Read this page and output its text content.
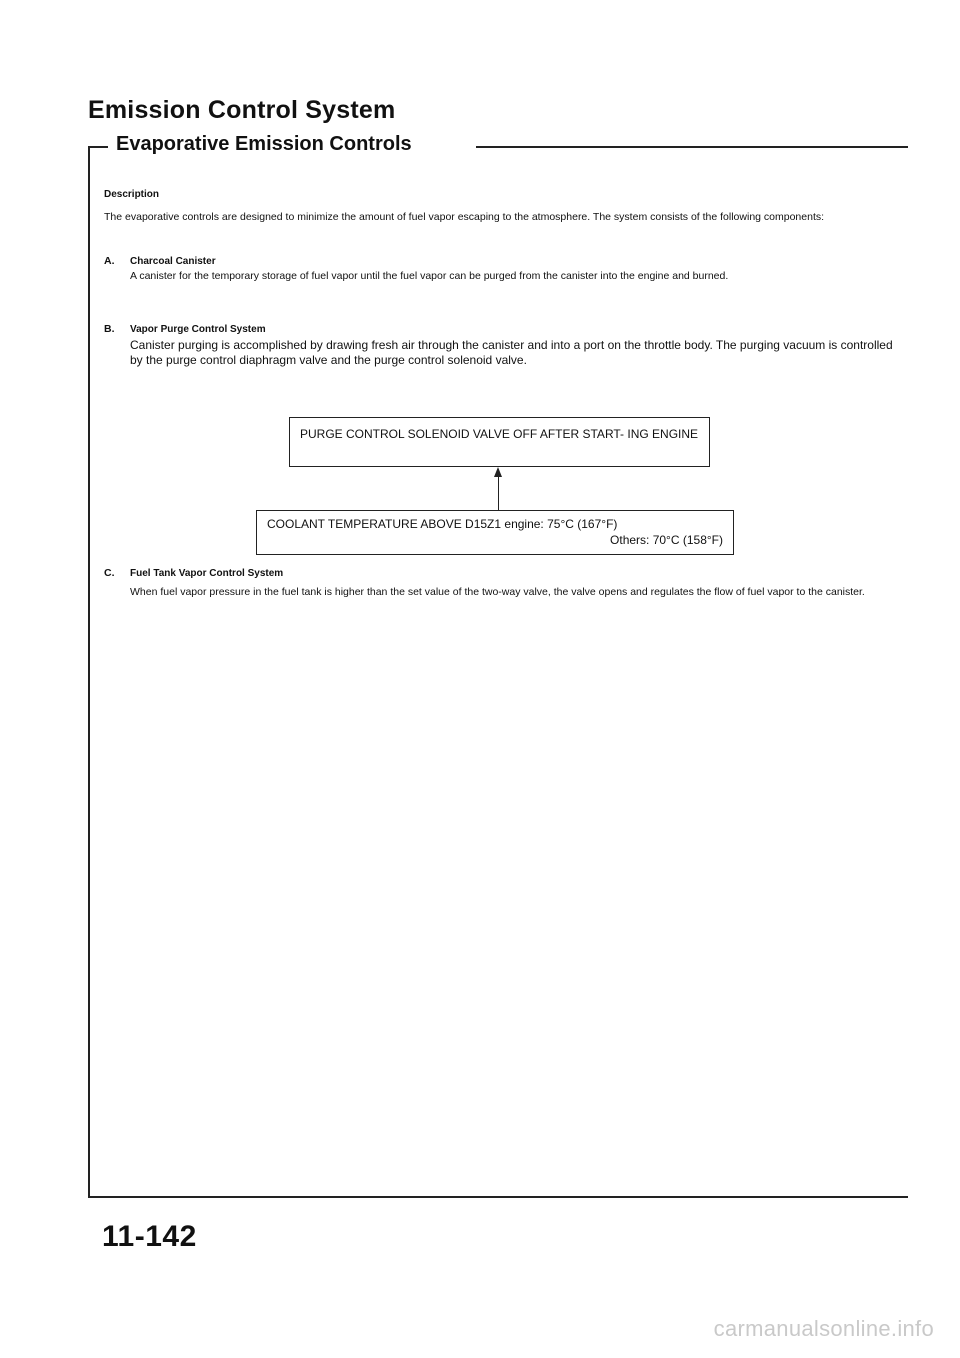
Emission Control System
Evaporative Emission Controls
Description

The evaporative controls are designed to minimize the amount of fuel vapor escaping to the atmosphere. The system consists of the following components:

A. Charcoal Canister

A canister for the temporary storage of fuel vapor until the fuel vapor can be purged from the canister into the engine and burned.

B. Vapor Purge Control System

Canister purging is accomplished by drawing fresh air through the canister and into a port on the throttle body. The purging vacuum is controlled by the purge control diaphragm valve and the purge control solenoid valve.

PURGE CONTROL SOLENOID VALVE OFF AFTER START- ING ENGINE
COOLANT TEMPERATURE ABOVE D15Z1 engine: 75°C (167°F)
Others: 70°C (158°F)
C. Fuel Tank Vapor Control System

When fuel vapor pressure in the fuel tank is higher than the set value of the two-way valve, the valve opens and regulates the flow of fuel vapor to the canister.

11-142
carmanualsonline.info
